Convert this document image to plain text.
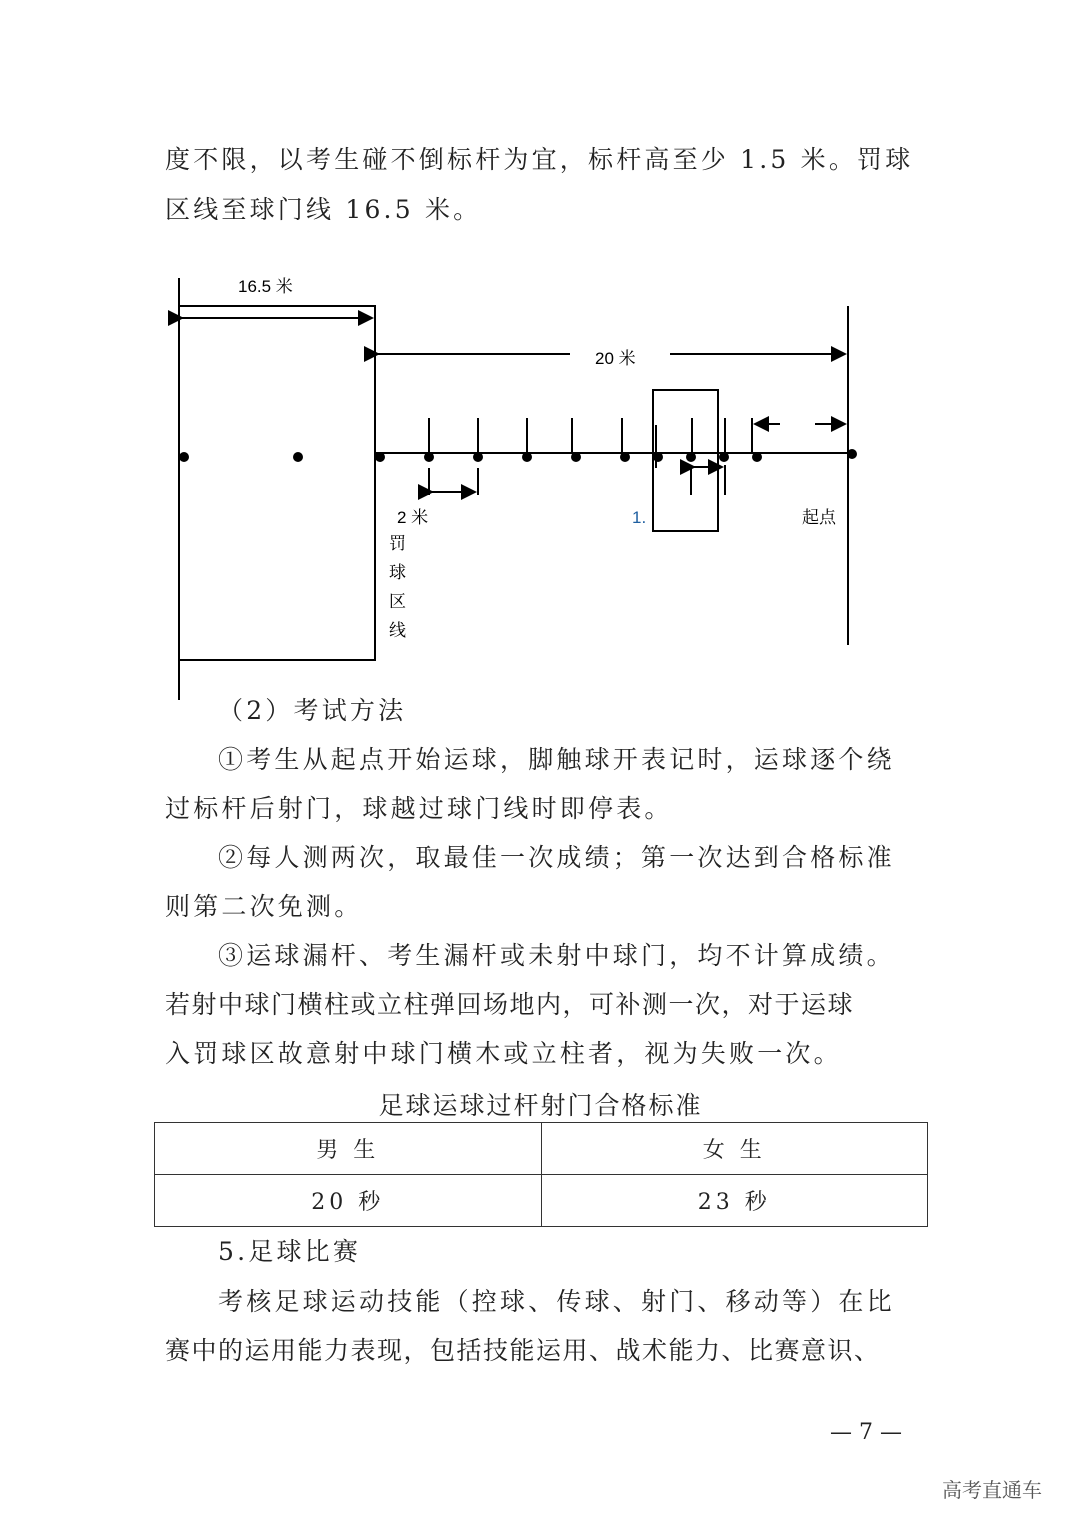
度不限，以考生碰不倒标杆为宜，标杆高至少 1.5 米。罚球
区线至球门线 16.5 米。
16.5 米
20 米
2 米	1.	起点
罚
球
区
线
（2）考试方法
①考生从起点开始运球，脚触球开表记时，运球逐个绕
过标杆后射门，球越过球门线时即停表。
②每人测两次，取最佳一次成绩；第一次达到合格标准
则第二次免测。
③运球漏杆、考生漏杆或未射中球门，均不计算成绩。
若射中球门横柱或立柱弹回场地内，可补测一次，对于运球
入罚球区故意射中球门横木或立柱者，视为失败一次。
足球运球过杆射门合格标准
男 生	女 生
20 秒	23 秒
5.足球比赛
考核足球运动技能（控球、传球、射门、移动等）在比
赛中的运用能力表现，包括技能运用、战术能力、比赛意识、
— 7 —
高考直通车
